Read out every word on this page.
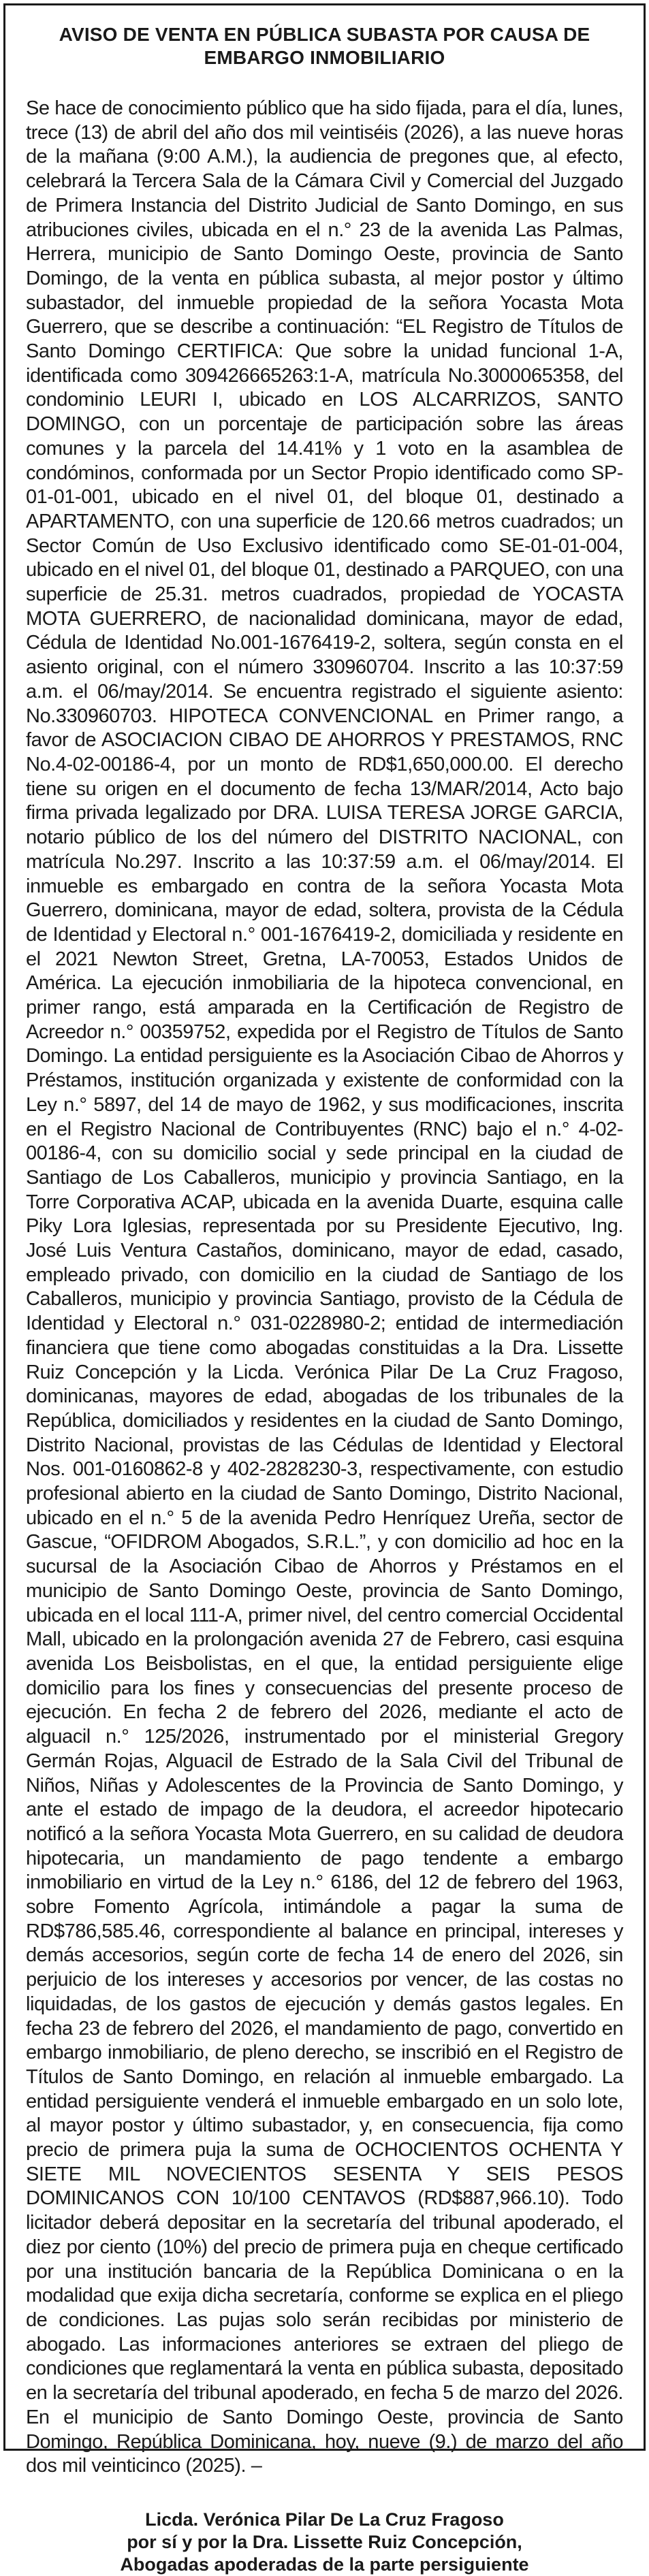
AVISO DE VENTA EN PÚBLICA SUBASTA POR CAUSA DE
EMBARGO INMOBILIARIO

Se hace de conocimiento público que ha sido fijada, para el día, lunes, trece (13) de abril del año dos mil veintiséis (2026), a las nueve horas de la mañana (9:00 A.M.), la audiencia de pregones que, al efecto, celebrará la Tercera Sala de la Cámara Civil y Comercial del Juzgado de Primera Instancia del Distrito Judicial de Santo Domingo, en sus atribuciones civiles, ubicada en el n.° 23 de la avenida Las Palmas, Herrera, municipio de Santo Domingo Oeste, provincia de Santo Domingo, de la venta en pública subasta, al mejor postor y último subastador, del inmueble propiedad de la señora Yocasta Mota Guerrero, que se describe a continuación: “EL Registro de Títulos de Santo Domingo CERTIFICA: Que sobre la unidad funcional 1-A, identificada como 309426665263:1-A, matrícula No.3000065358, del condominio LEURI I, ubicado en LOS ALCARRIZOS, SANTO DOMINGO, con un porcentaje de participación sobre las áreas comunes y la parcela del 14.41% y 1 voto en la asamblea de condóminos, conformada por un Sector Propio identificado como SP-01-01-001, ubicado en el nivel 01, del bloque 01, destinado a APARTAMENTO, con una superficie de 120.66 metros cuadrados; un Sector Común de Uso Exclusivo identificado como SE-01-01-004, ubicado en el nivel 01, del bloque 01, destinado a PARQUEO, con una superficie de 25.31. metros cuadrados, propiedad de YOCASTA MOTA GUERRERO, de nacionalidad dominicana, mayor de edad, Cédula de Identidad No.001-1676419-2, soltera, según consta en el asiento original, con el número 330960704. Inscrito a las 10:37:59 a.m. el 06/may/2014. Se encuentra registrado el siguiente asiento: No.330960703. HIPOTECA CONVENCIONAL en Primer rango, a favor de ASOCIACION CIBAO DE AHORROS Y PRESTAMOS, RNC No.4-02-00186-4, por un monto de RD$1,650,000.00. El derecho tiene su origen en el documento de fecha 13/MAR/2014, Acto bajo firma privada legalizado por DRA. LUISA TERESA JORGE GARCIA, notario público de los del número del DISTRITO NACIONAL, con matrícula No.297. Inscrito a las 10:37:59 a.m. el 06/may/2014. El inmueble es embargado en contra de la señora Yocasta Mota Guerrero, dominicana, mayor de edad, soltera, provista de la Cédula de Identidad y Electoral n.° 001-1676419-2, domiciliada y residente en el 2021 Newton Street, Gretna, LA-70053, Estados Unidos de América. La ejecución inmobiliaria de la hipoteca convencional, en primer rango, está amparada en la Certificación de Registro de Acreedor n.° 00359752, expedida por el Registro de Títulos de Santo Domingo. La entidad persiguiente es la Asociación Cibao de Ahorros y Préstamos, institución organizada y existente de conformidad con la Ley n.° 5897, del 14 de mayo de 1962, y sus modificaciones, inscrita en el Registro Nacional de Contribuyentes (RNC) bajo el n.° 4-02-00186-4, con su domicilio social y sede principal en la ciudad de Santiago de Los Caballeros, municipio y provincia Santiago, en la Torre Corporativa ACAP, ubicada en la avenida Duarte, esquina calle Piky Lora Iglesias, representada por su Presidente Ejecutivo, Ing. José Luis Ventura Castaños, dominicano, mayor de edad, casado, empleado privado, con domicilio en la ciudad de Santiago de los Caballeros, municipio y provincia Santiago, provisto de la Cédula de Identidad y Electoral n.° 031-0228980-2; entidad de intermediación financiera que tiene como abogadas constituidas a la Dra. Lissette Ruiz Concepción y la Licda. Verónica Pilar De La Cruz Fragoso, dominicanas, mayores de edad, abogadas de los tribunales de la República, domiciliados y residentes en la ciudad de Santo Domingo, Distrito Nacional, provistas de las Cédulas de Identidad y Electoral Nos. 001-0160862-8 y 402-2828230-3, respectivamente, con estudio profesional abierto en la ciudad de Santo Domingo, Distrito Nacional, ubicado en el n.° 5 de la avenida Pedro Henríquez Ureña, sector de Gascue, “OFIDROM Abogados, S.R.L.”, y con domicilio ad hoc en la sucursal de la Asociación Cibao de Ahorros y Préstamos en el municipio de Santo Domingo Oeste, provincia de Santo Domingo, ubicada en el local 111-A, primer nivel, del centro comercial Occidental Mall, ubicado en la prolongación avenida 27 de Febrero, casi esquina avenida Los Beisbolistas, en el que, la entidad persiguiente elige domicilio para los fines y consecuencias del presente proceso de ejecución. En fecha 2 de febrero del 2026, mediante el acto de alguacil n.° 125/2026, instrumentado por el ministerial Gregory Germán Rojas, Alguacil de Estrado de la Sala Civil del Tribunal de Niños, Niñas y Adolescentes de la Provincia de Santo Domingo, y ante el estado de impago de la deudora, el acreedor hipotecario notificó a la señora Yocasta Mota Guerrero, en su calidad de deudora hipotecaria, un mandamiento de pago tendente a embargo inmobiliario en virtud de la Ley n.° 6186, del 12 de febrero del 1963, sobre Fomento Agrícola, intimándole a pagar la suma de RD$786,585.46, correspondiente al balance en principal, intereses y demás accesorios, según corte de fecha 14 de enero del 2026, sin perjuicio de los intereses y accesorios por vencer, de las costas no liquidadas, de los gastos de ejecución y demás gastos legales. En fecha 23 de febrero del 2026, el mandamiento de pago, convertido en embargo inmobiliario, de pleno derecho, se inscribió en el Registro de Títulos de Santo Domingo, en relación al inmueble embargado. La entidad persiguiente venderá el inmueble embargado en un solo lote, al mayor postor y último subastador, y, en consecuencia, fija como precio de primera puja la suma de OCHOCIENTOS OCHENTA Y SIETE MIL NOVECIENTOS SESENTA Y SEIS PESOS DOMINICANOS CON 10/100 CENTAVOS (RD$887,966.10). Todo licitador deberá depositar en la secretaría del tribunal apoderado, el diez por ciento (10%) del precio de primera puja en cheque certificado por una institución bancaria de la República Dominicana o en la modalidad que exija dicha secretaría, conforme se explica en el pliego de condiciones. Las pujas solo serán recibidas por ministerio de abogado. Las informaciones anteriores se extraen del pliego de condiciones que reglamentará la venta en pública subasta, depositado en la secretaría del tribunal apoderado, en fecha 5 de marzo del 2026. En el municipio de Santo Domingo Oeste, provincia de Santo Domingo, República Dominicana, hoy, nueve (9.) de marzo del año dos mil veinticinco (2025). –

Licda. Verónica Pilar De La Cruz Fragoso
por sí y por la Dra. Lissette Ruiz Concepción,
Abogadas apoderadas de la parte persiguiente
